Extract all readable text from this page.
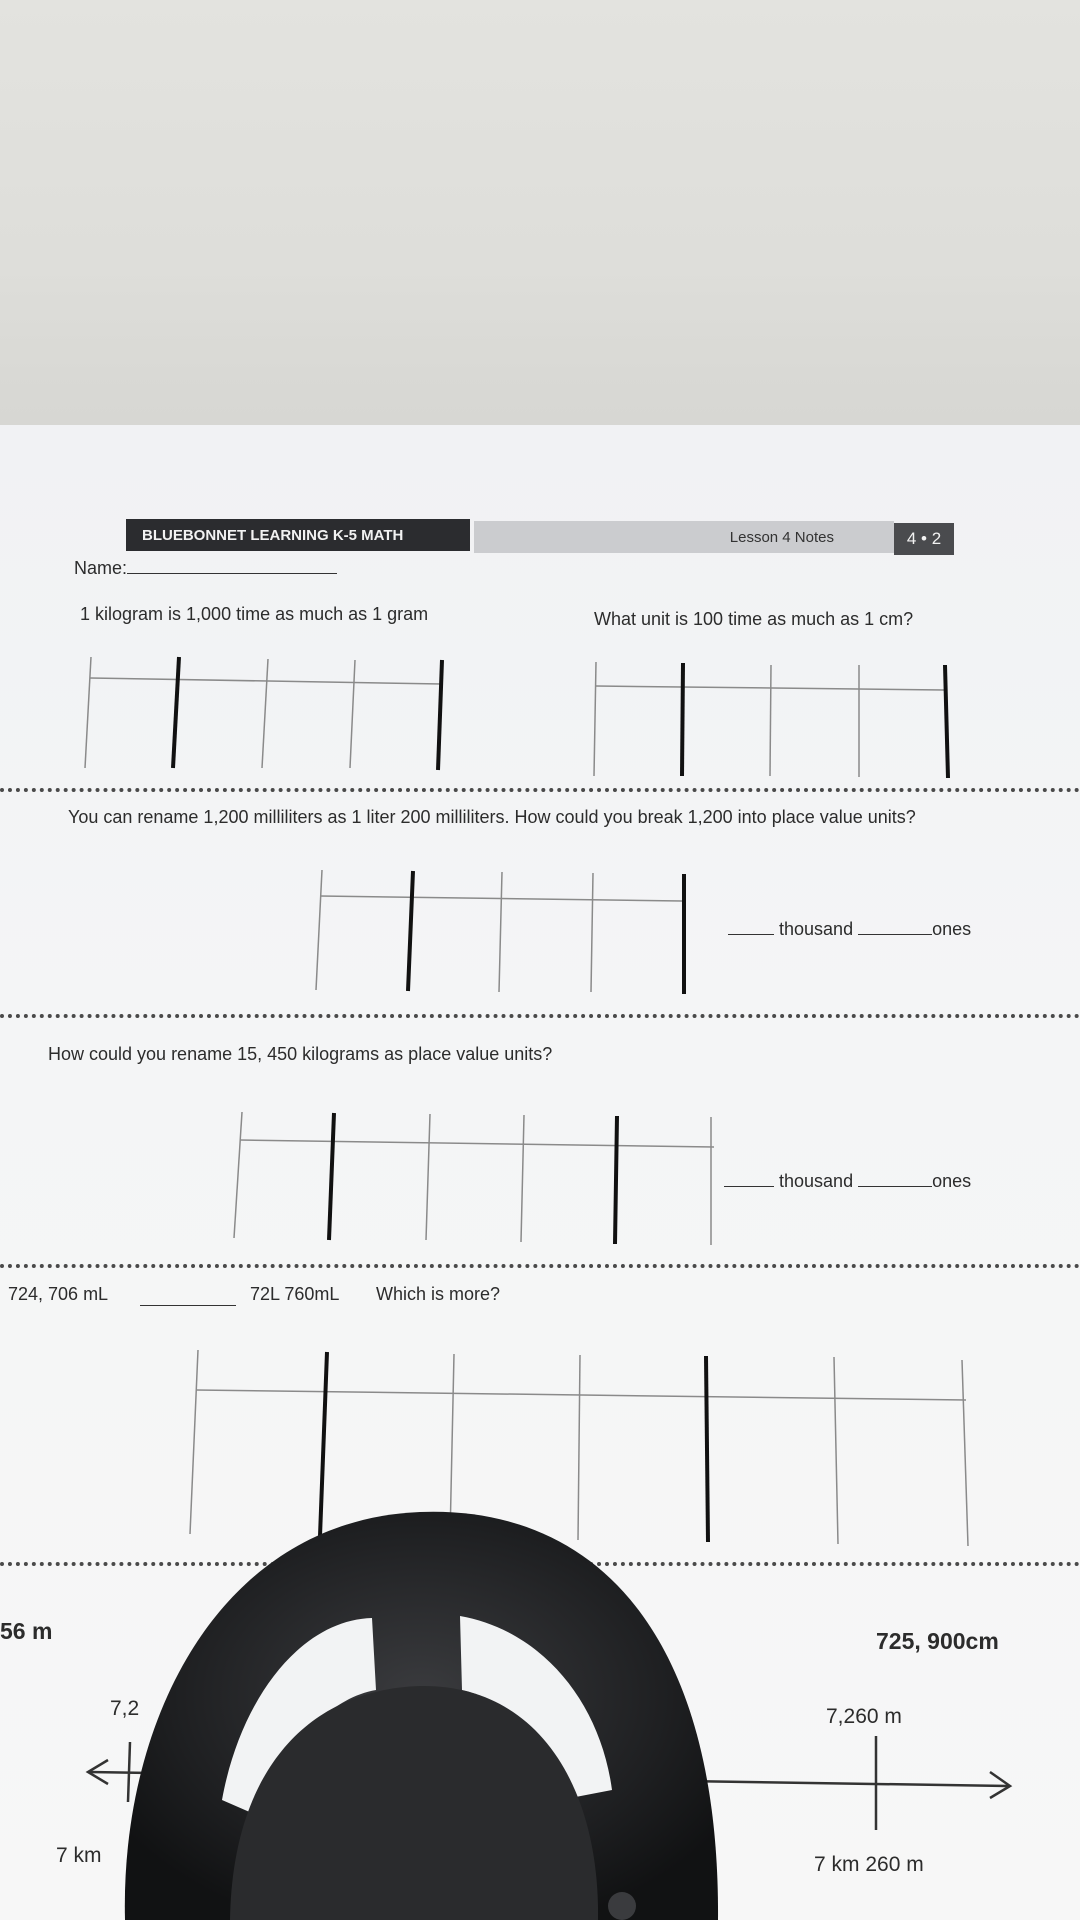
BLUEBONNET LEARNING K-5 MATH	Lesson 4 Notes	4 • 2
Name:
1 kilogram is 1,000 time as much as 1 gram	What unit is 100 time as much as 1 cm?
You can rename 1,200 milliliters as 1 liter 200 milliliters. How could you break 1,200 into place value units?
thousand	ones
How could you rename 15, 450 kilograms as place value units?
thousand	ones
724, 706 mL
	72L 760mL Which is more?
56 m	725, 900cm
7,2	7,260 m
7 km	7 km 260 m
